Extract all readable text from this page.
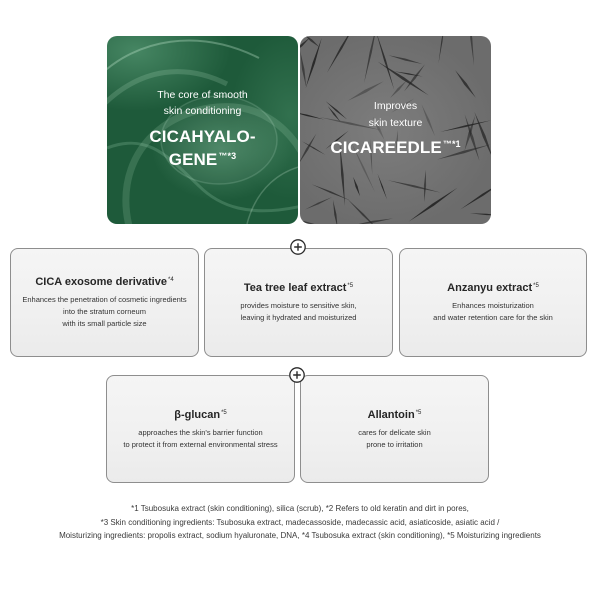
The core of smooth
skin conditioning
CICAHYALO-
$GENE^{™*3}$
Improves
skin texture
$CICAREEDLE^{™*1}$
CICA exosome derivative$^{*4}$
Enhances the penetration of cosmetic ingredients
into the stratum corneum
with its small particle size
Tea tree leaf extract$^{*5}$
provides moisture to sensitive skin,
leaving it hydrated and moisturized
Anzanyu extract$^{*5}$
Enhances moisturization
and water retention care for the skin
β-glucan$^{*5}$
approaches the skin's barrier function
to protect it from external environmental stress
Allantoin$^{*5}$
cares for delicate skin
prone to irritation
*1 Tsubosuka extract (skin conditioning), silica (scrub), *2 Refers to old keratin and dirt in pores,
*3 Skin conditioning ingredients: Tsubosuka extract, madecassoside, madecassic acid, asiaticoside, asiatic acid /
Moisturizing ingredients: propolis extract, sodium hyaluronate, DNA, *4 Tsubosuka extract (skin conditioning), *5 Moisturizing ingredients
